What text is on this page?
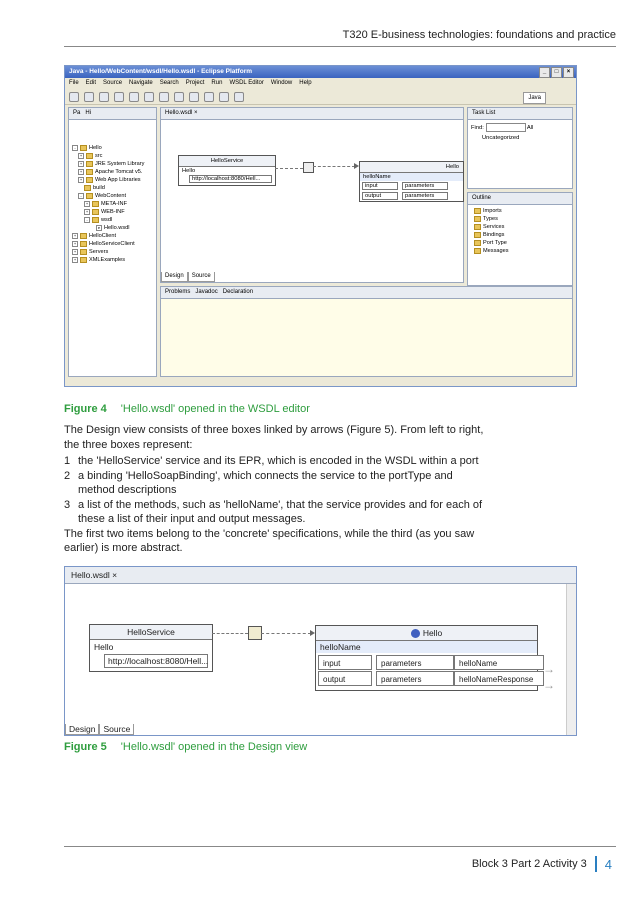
T320 E-business technologies: foundations and practice
Java - Hello/WebContent/wsdl/Hello.wsdl - Eclipse Platform	_	□	×
File Edit Source Navigate Search Project Run WSDL Editor Window Help
Java
Pa Hi
- Hello
+ src
+ JRE System Library
+ Apache Tomcat v5.
+ Web App Libraries
build
- WebContent
+ META-INF
+ WEB-INF
- wsdl
e Hello.wsdl
+ HelloClient
+ HelloServiceClient
+ Servers
+ XMLExamples
Hello.wsdl ×
HelloService
Hello
http://localhost:8080/Hell...
Hello
helloName
input	parameters
output	parameters
Design	Source
Task List
Find:	All
Uncategorized
Outline
Imports
Types
Services
Bindings
Port Type
Messages
Problems Javadoc Declaration
Figure 4 'Hello.wsdl' opened in the WSDL editor

The Design view consists of three boxes linked by arrows (Figure 5). From left to right, the three boxes represent:

1 the 'HelloService' service and its EPR, which is encoded in the WSDL within a port
2 a binding 'HelloSoapBinding', which connects the service to the portType and method descriptions
3 a list of the methods, such as 'helloName', that the service provides and for each of these a list of their input and output messages.

The first two items belong to the 'concrete' specifications, while the third (as you saw earlier) is more abstract.

Hello.wsdl ×
HelloService
Hello
http://localhost:8080/Hell...
Hello
helloName
input	parameters	helloName
output	parameters	helloNameResponse
→
→
Design Source
Figure 5 'Hello.wsdl' opened in the Design view
Block 3 Part 2 Activity 3 4
